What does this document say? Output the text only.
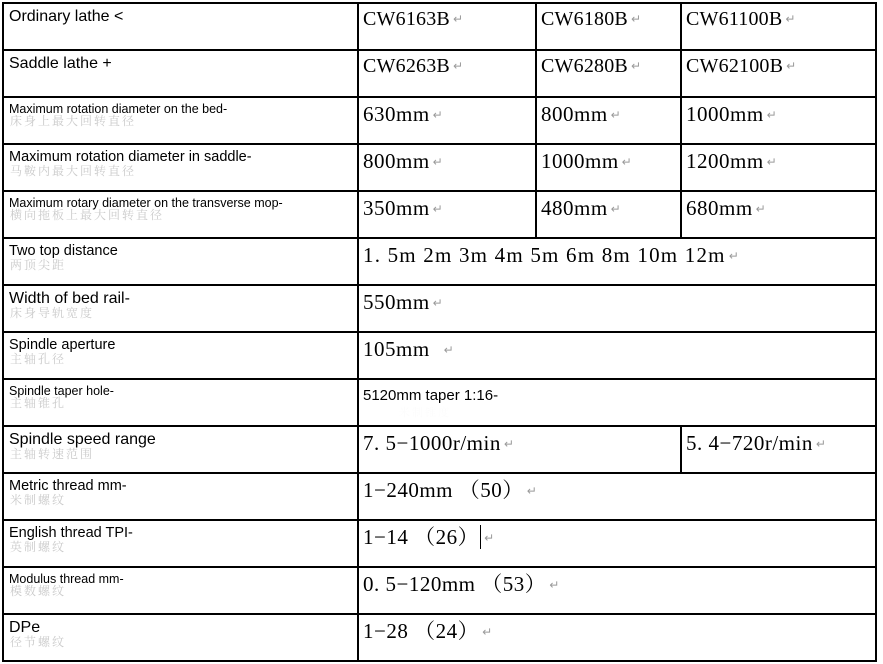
Ordinary lathe <	CW6163B ↵	CW6180B ↵	CW61100B ↵

Saddle lathe +	CW6263B ↵	CW6280B ↵	CW62100B ↵

Maximum rotation diameter on the bed-
床身上最大回转直径	630mm ↵	800mm ↵	1000mm ↵

Maximum rotation diameter in saddle-
马鞍内最大回转直径	800mm ↵	1000mm ↵	1200mm ↵

Maximum rotary diameter on the transverse mop-
横向拖板上最大回转直径	350mm ↵	480mm ↵	680mm ↵

Two top distance
两顶尖距	1. 5m 2m 3m 4m 5m 6m 8m 10m 12m ↵		

Width of bed rail-
床身导轨宽度	550mm ↵		

Spindle aperture
主轴孔径	105mm ↵		

Spindle taper hole-
主轴锥孔	5120mm taper 1:16-
米制锥度		

Spindle speed range
主轴转速范围	7. 5−1000r/min ↵		5. 4−720r/min ↵

Metric thread mm-
米制螺纹	1−240mm （50） ↵		

English thread TPI-
英制螺纹	1−14 （26） ↵		

Modulus thread mm-
模数螺纹	0. 5−120mm （53） ↵		

DPe
径节螺纹	1−28 （24） ↵		
